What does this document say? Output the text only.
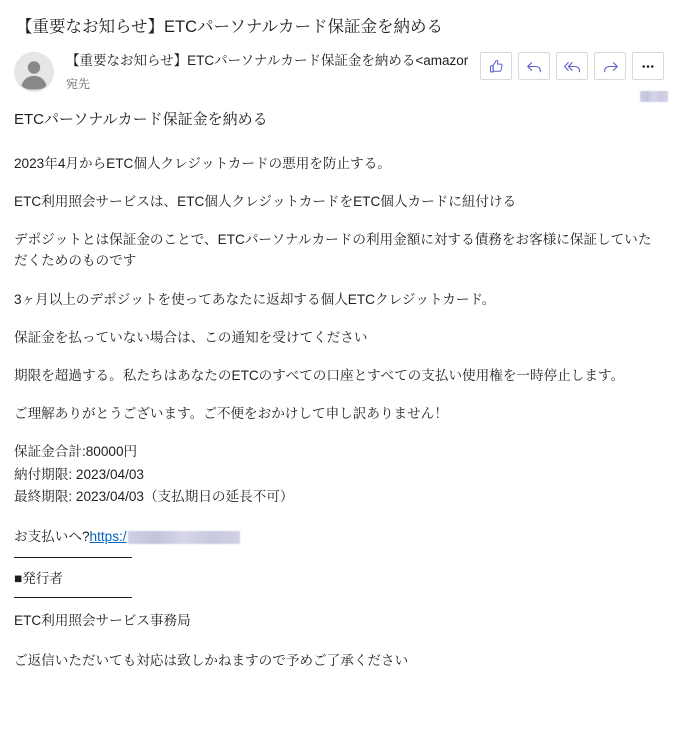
【重要なお知らせ】ETCパーソナルカード保証金を納める
【重要なお知らせ】ETCパーソナルカード保証金を納める<amazor
宛先

ETCパーソナルカード保証金を納める

2023年4月からETC個人クレジットカードの悪用を防止する。

ETC利用照会サービスは、ETC個人クレジットカードをETC個人カードに紐付ける

デポジットとは保証金のことで、ETCパーソナルカードの利用金額に対する債務をお客様に保証していただくためのものです

3ヶ月以上のデポジットを使ってあなたに返却する個人ETCクレジットカード。

保証金を払っていない場合は、この通知を受けてください

期限を超過する。私たちはあなたのETCのすべての口座とすべての支払い使用権を一時停止します。

ご理解ありがとうございます。ご不便をおかけして申し訳ありません！

保証金合計:80000円

納付期限: 2023/04/03

最終期限: 2023/04/03（支払期日の延長不可）

お支払いへ?https:/

■発行者

ETC利用照会サービス事務局

ご返信いただいても対応は致しかねますので予めご了承ください
